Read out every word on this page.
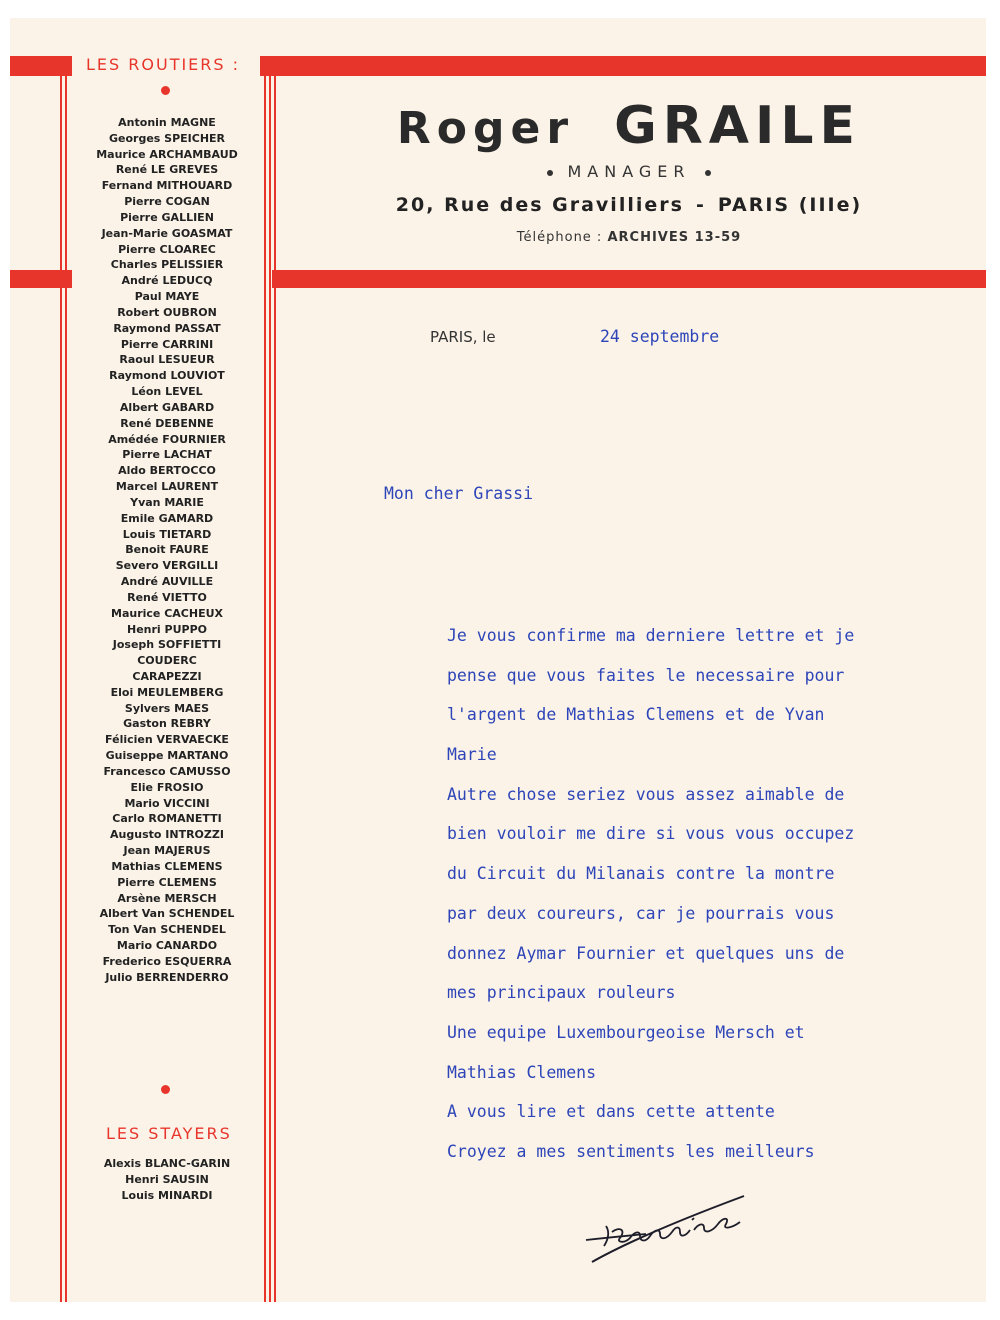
LES ROUTIERS :
Antonin MAGNE
Georges SPEICHER
Maurice ARCHAMBAUD
René LE GREVES
Fernand MITHOUARD
Pierre COGAN
Pierre GALLIEN
Jean-Marie GOASMAT
Pierre CLOAREC
Charles PELISSIER
André LEDUCQ
Paul MAYE
Robert OUBRON
Raymond PASSAT
Pierre CARRINI
Raoul LESUEUR
Raymond LOUVIOT
Léon LEVEL
Albert GABARD
René DEBENNE
Amédée FOURNIER
Pierre LACHAT
Aldo BERTOCCO
Marcel LAURENT
Yvan MARIE
Emile GAMARD
Louis TIETARD
Benoit FAURE
Severo VERGILLI
André AUVILLE
René VIETTO
Maurice CACHEUX
Henri PUPPO
Joseph SOFFIETTI
COUDERC
CARAPEZZI
Eloi MEULEMBERG
Sylvers MAES
Gaston REBRY
Félicien VERVAECKE
Guiseppe MARTANO
Francesco CAMUSSO
Elie FROSIO
Mario VICCINI
Carlo ROMANETTI
Augusto INTROZZI
Jean MAJERUS
Mathias CLEMENS
Pierre CLEMENS
Arsène MERSCH
Albert Van SCHENDEL
Ton Van SCHENDEL
Mario CANARDO
Frederico ESQUERRA
Julio BERRENDERRO
LES STAYERS
Alexis BLANC-GARIN
Henri SAUSIN
Louis MINARDI
Roger GRAILE
MANAGER
20, Rue des Gravilliers - PARIS (IIIe)
Téléphone : ARCHIVES 13-59
PARIS, le	24 septembre
Mon cher Grassi
Je vous confirme ma derniere lettre et je
pense que vous faites le necessaire pour
l'argent de Mathias Clemens et de Yvan
Marie
Autre chose seriez vous assez aimable de
bien vouloir me dire si vous vous occupez
du Circuit du Milanais contre la montre
par deux coureurs, car je pourrais vous
donnez Aymar Fournier et quelques uns de
mes principaux rouleurs
Une equipe Luxembourgeoise Mersch et
Mathias Clemens
A vous lire et dans cette attente
Croyez a mes sentiments les meilleurs
